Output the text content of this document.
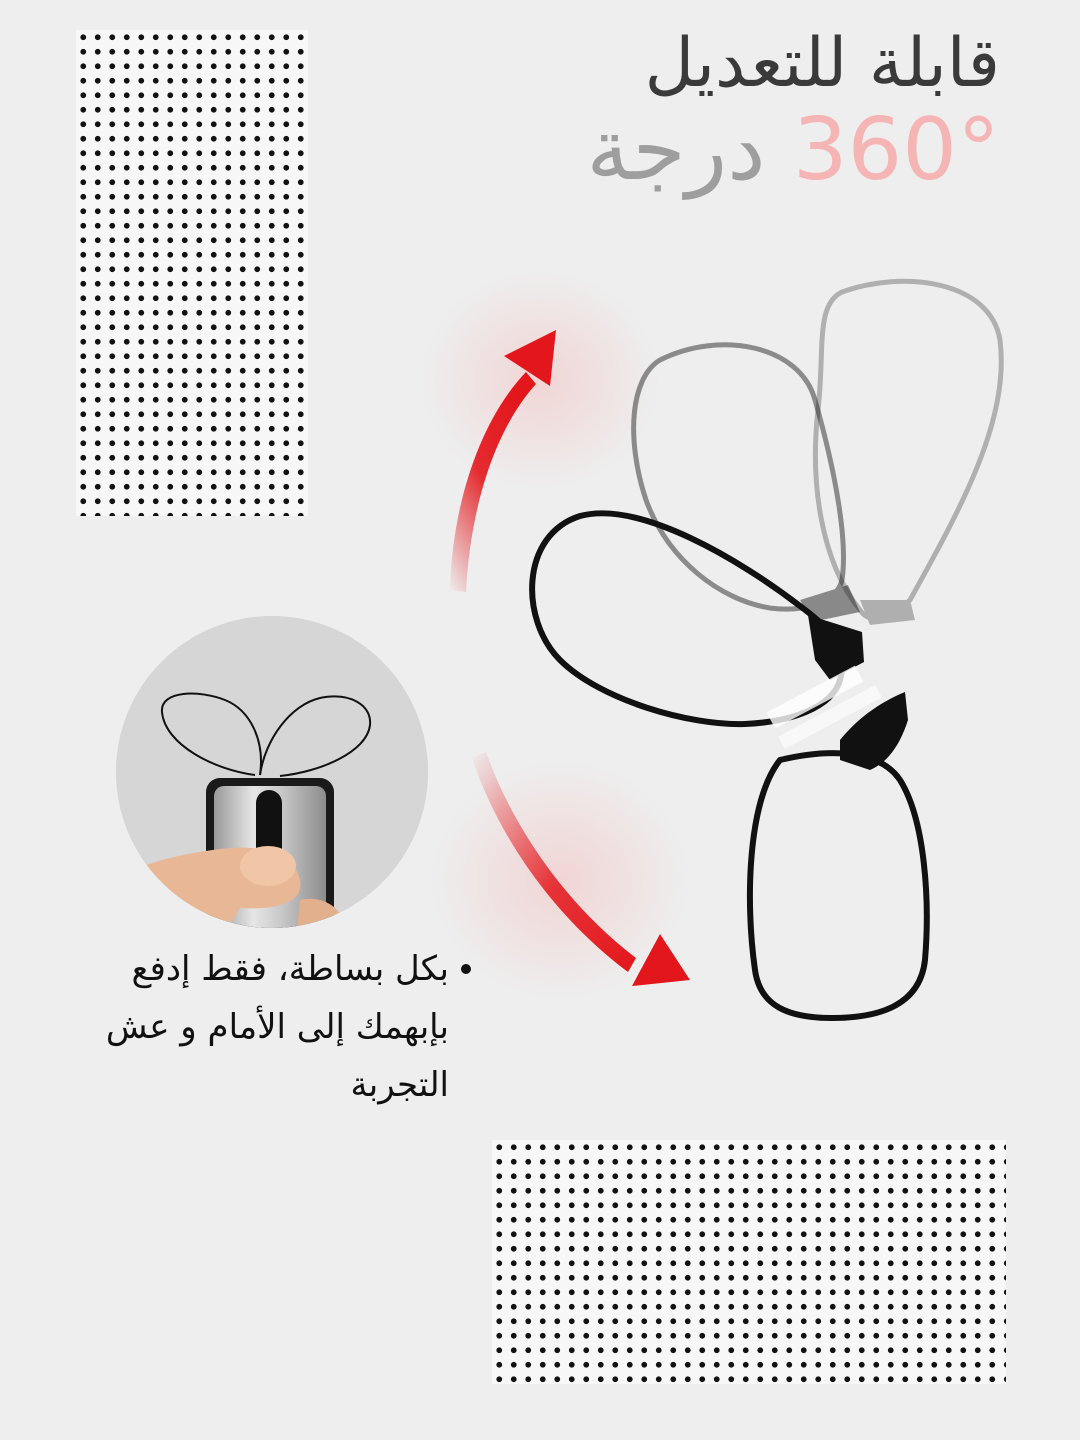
قابلة للتعديل
360° درجة
بكل بساطة، فقط إدفع بإبهمك إلى الأمام و عش التجربة
